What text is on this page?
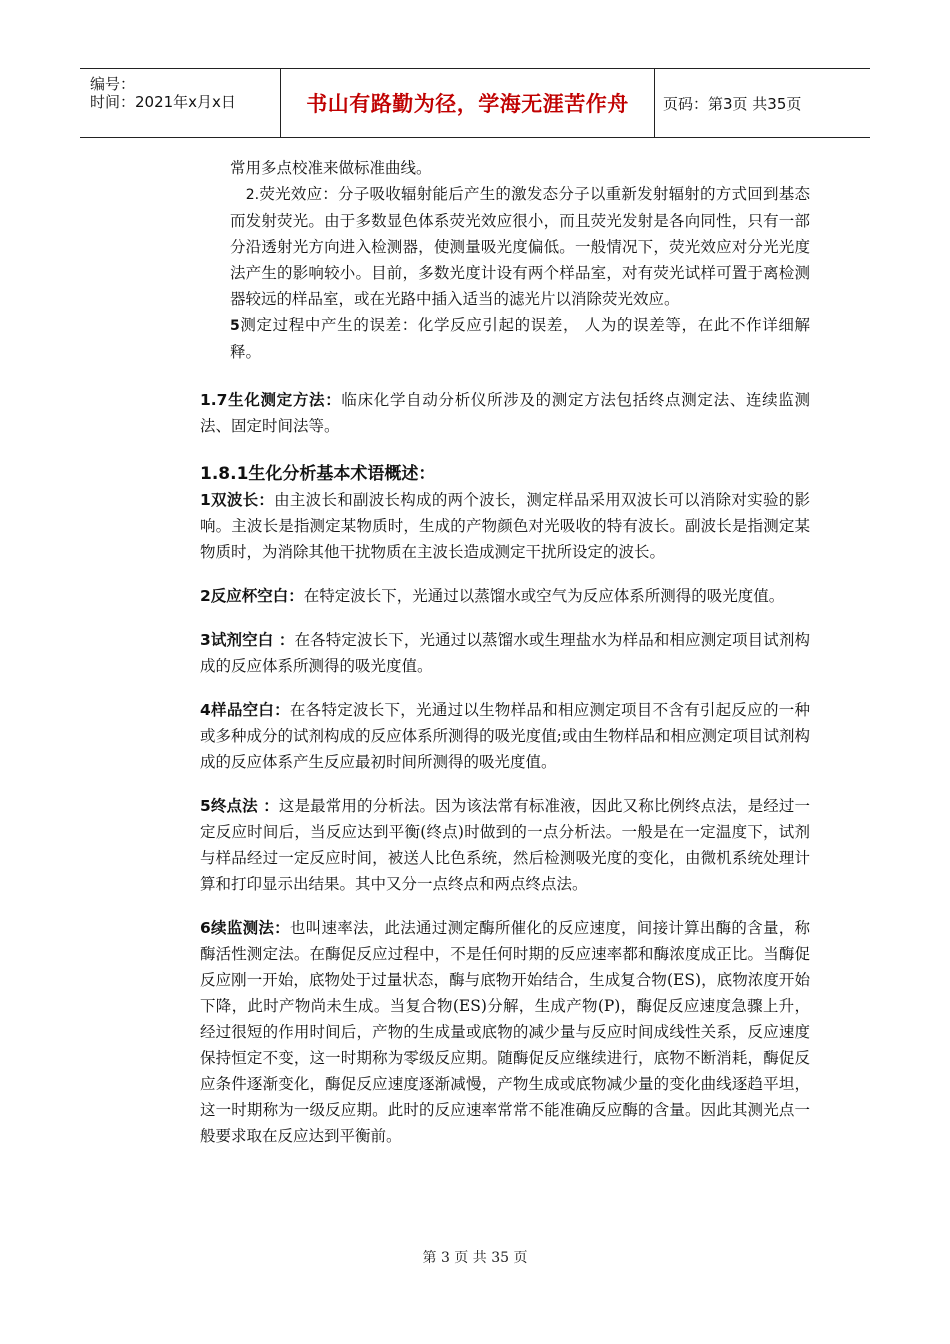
编号：
时间：2021年x月x日	书山有路勤为径，学海无涯苦作舟	页码：第3页 共35页

常用多点校准来做标准曲线。

　2.荧光效应：分子吸收辐射能后产生的激发态分子以重新发射辐射的方式回到基态而发射荧光。由于多数显色体系荧光效应很小，而且荧光发射是各向同性，只有一部分沿透射光方向进入检测器，使测量吸光度偏低。一般情况下，荧光效应对分光光度法产生的影响较小。目前，多数光度计设有两个样品室，对有荧光试样可置于离检测器较远的样品室，或在光路中插入适当的滤光片以消除荧光效应。

5测定过程中产生的误差：化学反应引起的误差， 人为的误差等，在此不作详细解释。

1.7生化测定方法：临床化学自动分析仪所涉及的测定方法包括终点测定法、连续监测法、固定时间法等。

1.8.1生化分析基本术语概述：

1双波长：由主波长和副波长构成的两个波长，测定样品采用双波长可以消除对实验的影响。主波长是指测定某物质时，生成的产物颜色对光吸收的特有波长。副波长是指测定某物质时，为消除其他干扰物质在主波长造成测定干扰所设定的波长。

2反应杯空白：在特定波长下，光通过以蒸馏水或空气为反应体系所测得的吸光度值。

3试剂空白 ：在各特定波长下，光通过以蒸馏水或生理盐水为样品和相应测定项目试剂构成的反应体系所测得的吸光度值。

4样品空白：在各特定波长下，光通过以生物样品和相应测定项目不含有引起反应的一种或多种成分的试剂构成的反应体系所测得的吸光度值;或由生物样品和相应测定项目试剂构成的反应体系产生反应最初时间所测得的吸光度值。

5终点法 ：这是最常用的分析法。因为该法常有标准液，因此又称比例终点法，是经过一定反应时间后，当反应达到平衡(终点)时做到的一点分析法。一般是在一定温度下，试剂与样品经过一定反应时间，被送人比色系统，然后检测吸光度的变化，由微机系统处理计算和打印显示出结果。其中又分一点终点和两点终点法。

6续监测法：也叫速率法，此法通过测定酶所催化的反应速度，间接计算出酶的含量，称酶活性测定法。在酶促反应过程中，不是任何时期的反应速率都和酶浓度成正比。当酶促反应刚一开始，底物处于过量状态，酶与底物开始结合，生成复合物(ES)，底物浓度开始下降，此时产物尚未生成。当复合物(ES)分解，生成产物(P)，酶促反应速度急骤上升，经过很短的作用时间后，产物的生成量或底物的减少量与反应时间成线性关系，反应速度保持恒定不变，这一时期称为零级反应期。随酶促反应继续进行，底物不断消耗，酶促反应条件逐渐变化，酶促反应速度逐渐减慢，产物生成或底物减少量的变化曲线逐趋平坦，这一时期称为一级反应期。此时的反应速率常常不能准确反应酶的含量。因此其测光点一般要求取在反应达到平衡前。

第 3 页 共 35 页
